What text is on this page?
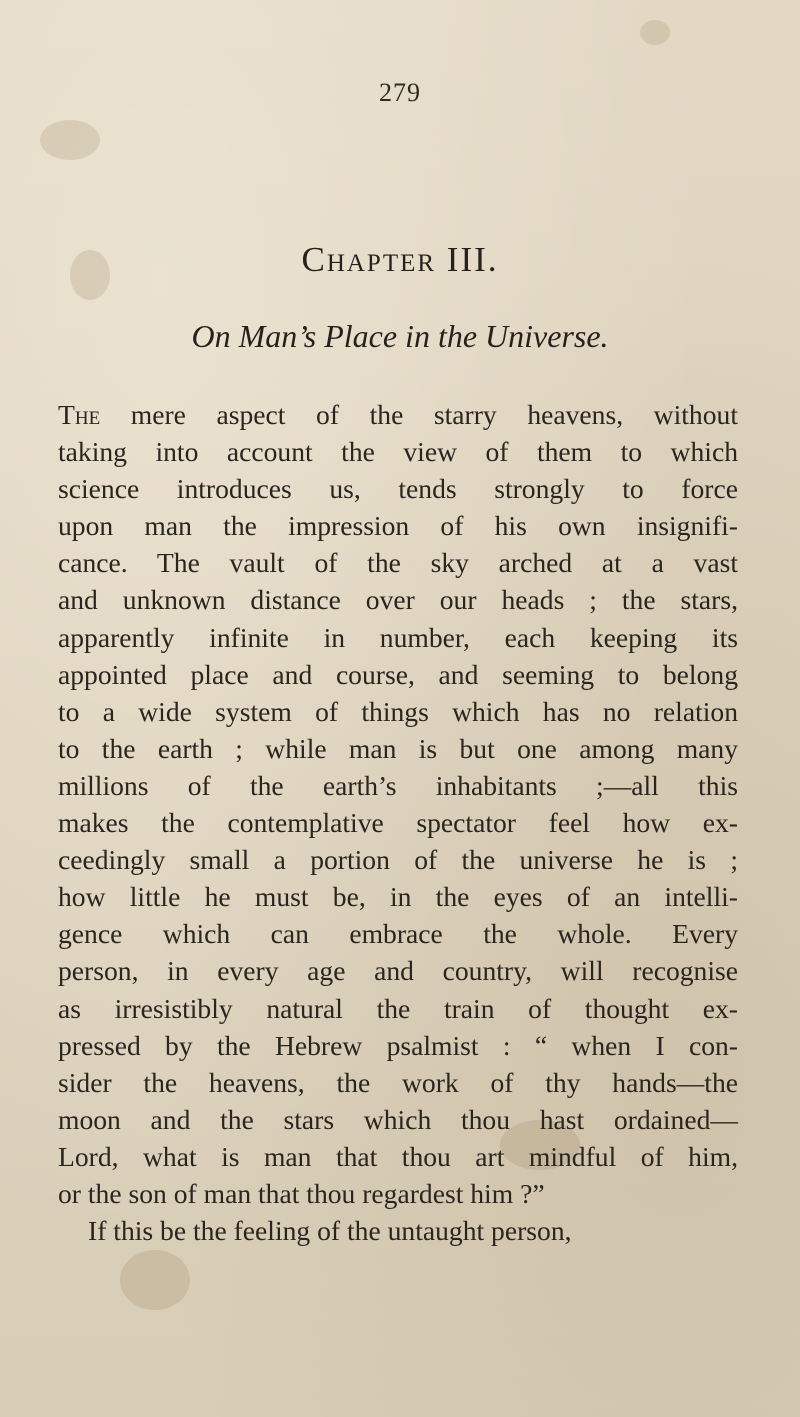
279
Chapter III.
On Man’s Place in the Universe.
The mere aspect of the starry heavens, without
taking into account the view of them to which
science introduces us, tends strongly to force
upon man the impression of his own insignifi-
cance. The vault of the sky arched at a vast
and unknown distance over our heads ; the stars,
apparently infinite in number, each keeping its
appointed place and course, and seeming to belong
to a wide system of things which has no relation
to the earth ; while man is but one among many
millions of the earth’s inhabitants ;—all this
makes the contemplative spectator feel how ex-
ceedingly small a portion of the universe he is ;
how little he must be, in the eyes of an intelli-
gence which can embrace the whole. Every
person, in every age and country, will recognise
as irresistibly natural the train of thought ex-
pressed by the Hebrew psalmist : “ when I con-
sider the heavens, the work of thy hands—the
moon and the stars which thou hast ordained—
Lord, what is man that thou art mindful of him,
or the son of man that thou regardest him ?”
If this be the feeling of the untaught person,
